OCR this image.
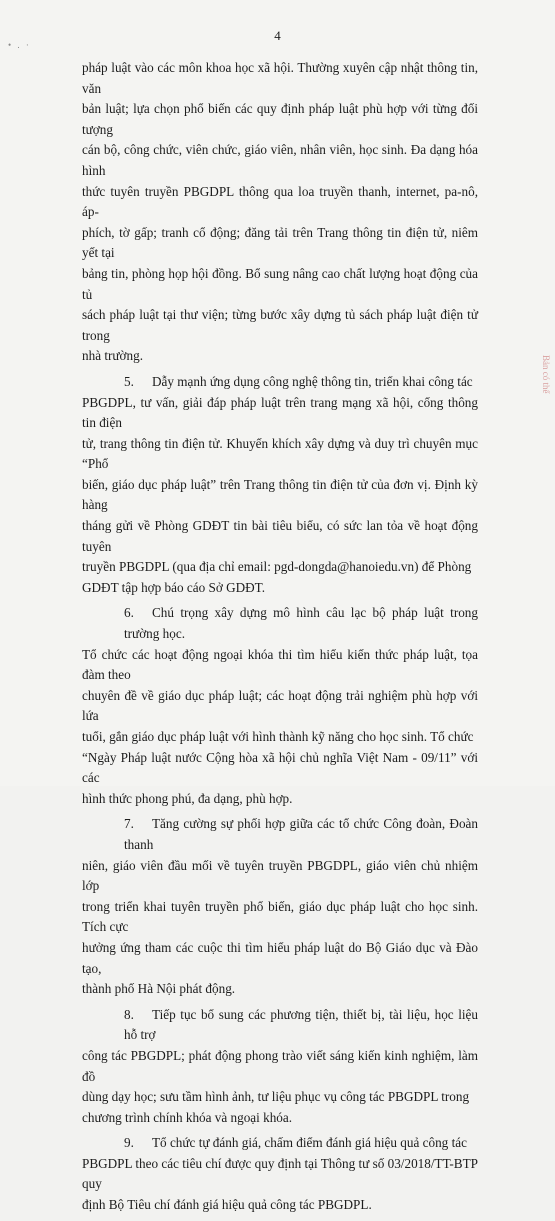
• . ·
4
Bản có thể

pháp luật vào các môn khoa học xã hội. Thường xuyên cập nhật thông tin, văn
bản luật; lựa chọn phổ biến các quy định pháp luật phù hợp với từng đối tượng
cán bộ, công chức, viên chức, giáo viên, nhân viên, học sinh. Đa dạng hóa hình
thức tuyên truyền PBGDPL thông qua loa truyền thanh, internet, pa-nô, áp-
phích, tờ gấp; tranh cổ động; đăng tải trên Trang thông tin điện tử, niêm yết tại
bảng tin, phòng họp hội đồng. Bổ sung nâng cao chất lượng hoạt động của tủ
sách pháp luật tại thư viện; từng bước xây dựng tủ sách pháp luật điện tử trong
nhà trường.

5. Dẫy mạnh ứng dụng công nghệ thông tin, triển khai công tác
PBGDPL, tư vấn, giải đáp pháp luật trên trang mạng xã hội, cổng thông tin điện
tử, trang thông tin điện tử. Khuyến khích xây dựng và duy trì chuyên mục “Phổ
biến, giáo dục pháp luật” trên Trang thông tin điện tử của đơn vị. Định kỳ hàng
tháng gửi về Phòng GDĐT tin bài tiêu biểu, có sức lan tỏa về hoạt động tuyên
truyền PBGDPL (qua địa chỉ email: pgd-dongda@hanoiedu.vn) để Phòng
GDĐT tập hợp báo cáo Sở GDĐT.

6. Chú trọng xây dựng mô hình câu lạc bộ pháp luật trong trường học.
Tổ chức các hoạt động ngoại khóa thi tìm hiểu kiến thức pháp luật, tọa đàm theo
chuyên đề về giáo dục pháp luật; các hoạt động trải nghiệm phù hợp với lứa
tuổi, gắn giáo dục pháp luật với hình thành kỹ năng cho học sinh. Tổ chức
“Ngày Pháp luật nước Cộng hòa xã hội chủ nghĩa Việt Nam - 09/11” với các
hình thức phong phú, đa dạng, phù hợp.

7. Tăng cường sự phối hợp giữa các tổ chức Công đoàn, Đoàn thanh
niên, giáo viên đầu mối về tuyên truyền PBGDPL, giáo viên chủ nhiệm lớp
trong triển khai tuyên truyền phổ biến, giáo dục pháp luật cho học sinh. Tích cực
hưởng ứng tham các cuộc thi tìm hiểu pháp luật do Bộ Giáo dục và Đào tạo,
thành phố Hà Nội phát động.

8. Tiếp tục bổ sung các phương tiện, thiết bị, tài liệu, học liệu hỗ trợ
công tác PBGDPL; phát động phong trào viết sáng kiến kinh nghiệm, làm đồ
dùng dạy học; sưu tầm hình ảnh, tư liệu phục vụ công tác PBGDPL trong
chương trình chính khóa và ngoại khóa.

9. Tổ chức tự đánh giá, chấm điểm đánh giá hiệu quả công tác
PBGDPL theo các tiêu chí được quy định tại Thông tư số 03/2018/TT-BTP quy
định Bộ Tiêu chí đánh giá hiệu quả công tác PBGDPL.
